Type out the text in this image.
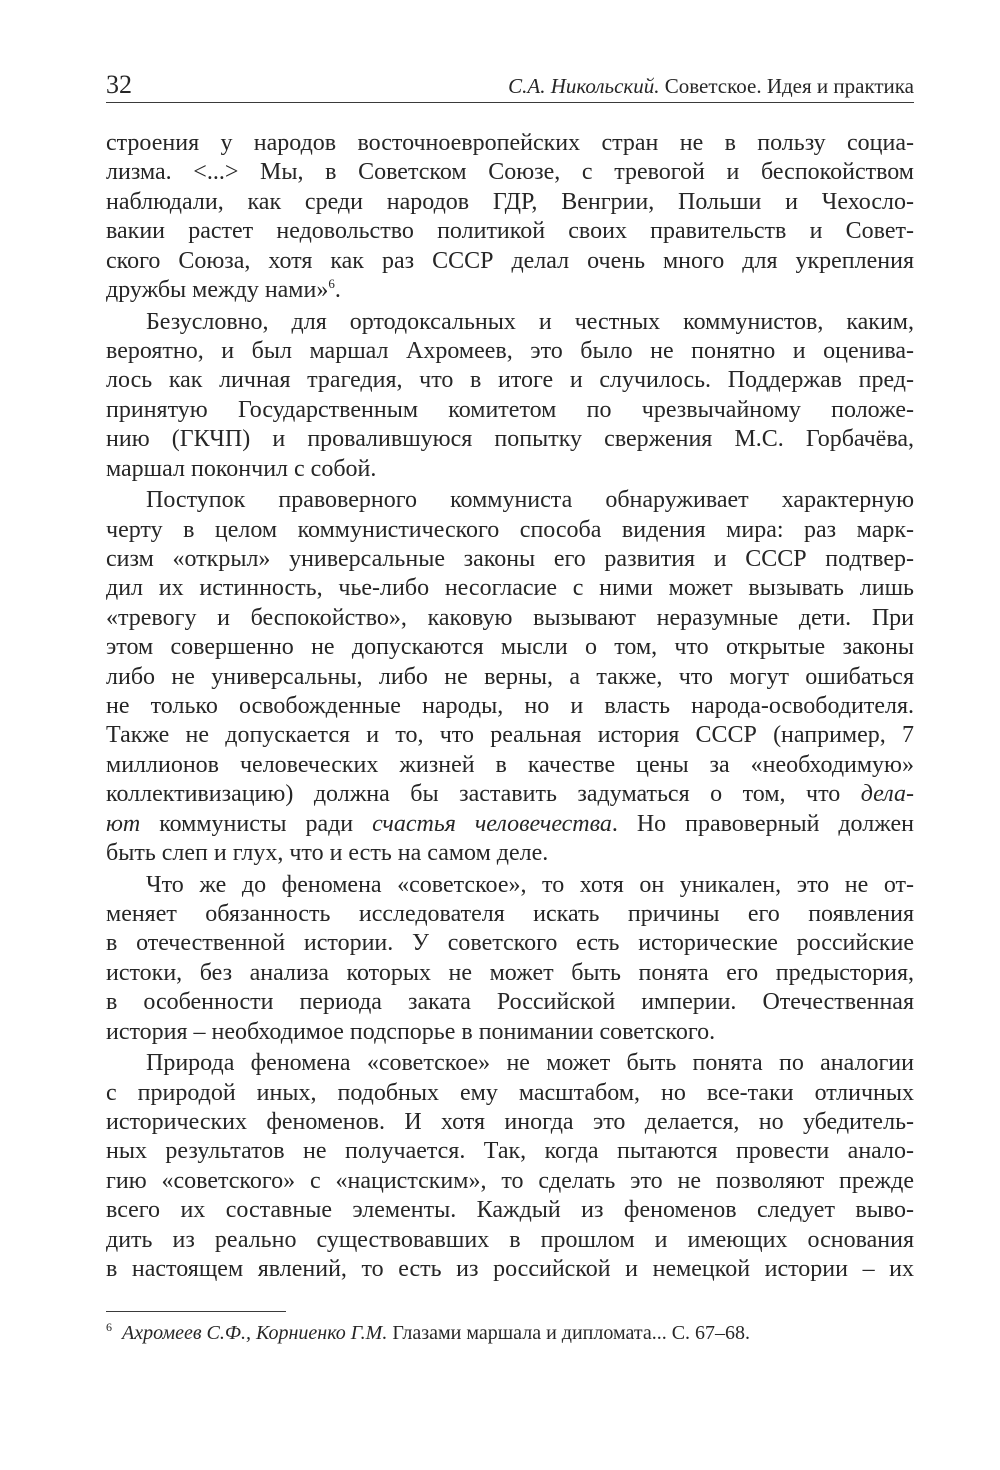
32	С.А. Никольский. Советское. Идея и практика
строения у народов восточноевропейских стран не в пользу социа-
лизма. <...> Мы, в Советском Союзе, с тревогой и беспокойством
наблюдали, как среди народов ГДР, Венгрии, Польши и Чехосло-
вакии растет недовольство политикой своих правительств и Совет-
ского Союза, хотя как раз СССР делал очень много для укрепления
дружбы между нами»$^6$.
Безусловно, для ортодоксальных и честных коммунистов, каким,
вероятно, и был маршал Ахромеев, это было не понятно и оценива-
лось как личная трагедия, что в итоге и случилось. Поддержав пред-
принятую Государственным комитетом по чрезвычайному положе-
нию (ГКЧП) и провалившуюся попытку свержения М.С. Горбачёва,
маршал покончил с собой.
Поступок правоверного коммуниста обнаруживает характерную
черту в целом коммунистического способа видения мира: раз марк-
сизм «открыл» универсальные законы его развития и СССР подтвер-
дил их истинность, чье-либо несогласие с ними может вызывать лишь
«тревогу и беспокойство», каковую вызывают неразумные дети. При
этом совершенно не допускаются мысли о том, что открытые законы
либо не универсальны, либо не верны, а также, что могут ошибаться
не только освобожденные народы, но и власть народа-освободителя.
Также не допускается и то, что реальная история СССР (например, 7
миллионов человеческих жизней в качестве цены за «необходимую»
коллективизацию) должна бы заставить задуматься о том, что дела-
ют коммунисты ради счастья человечества. Но правоверный должен
быть слеп и глух, что и есть на самом деле.
Что же до феномена «советское», то хотя он уникален, это не от-
меняет обязанность исследователя искать причины его появления
в отечественной истории. У советского есть исторические российские
истоки, без анализа которых не может быть понята его предыстория,
в особенности периода заката Российской империи. Отечественная
история – необходимое подспорье в понимании советского.
Природа феномена «советское» не может быть понята по аналогии
с природой иных, подобных ему масштабом, но все-таки отличных
исторических феноменов. И хотя иногда это делается, но убедитель-
ных результатов не получается. Так, когда пытаются провести анало-
гию «советского» с «нацистским», то сделать это не позволяют прежде
всего их составные элементы. Каждый из феноменов следует выво-
дить из реально существовавших в прошлом и имеющих основания
в настоящем явлений, то есть из российской и немецкой истории – их
$^6$ Ахромеев С.Ф., Корниенко Г.М. Глазами маршала и дипломата... С. 67–68.
